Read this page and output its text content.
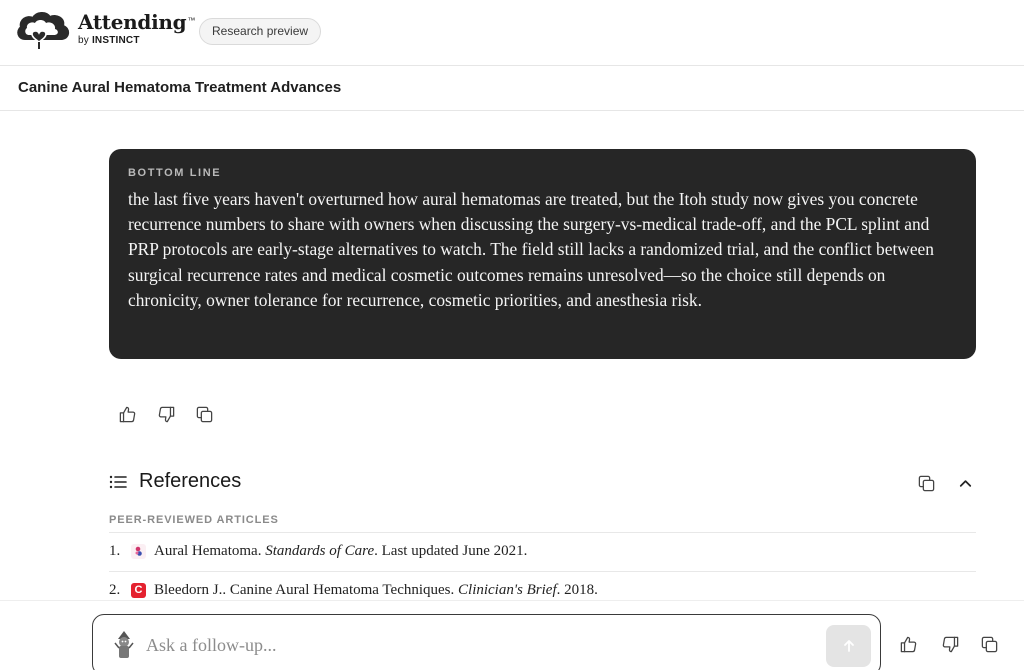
Attending™
by INSTINCT
Research preview
Canine Aural Hematoma Treatment Advances
BOTTOM LINE
the last five years haven't overturned how aural hematomas are treated, but the Itoh study now gives you concrete recurrence numbers to share with owners when discussing the surgery-vs-medical trade-off, and the PCL splint and PRP protocols are early-stage alternatives to watch. The field still lacks a randomized trial, and the conflict between surgical recurrence rates and medical cosmetic outcomes remains unresolved—so the choice still depends on chronicity, owner tolerance for recurrence, cosmetic priorities, and anesthesia risk.
References
PEER-REVIEWED ARTICLES
1.	Aural Hematoma. Standards of Care . Last updated June 2021.
2.	C Bleedorn J.. Canine Aural Hematoma Techniques. Clinician's Brief . 2018.
Ask a follow-up...
